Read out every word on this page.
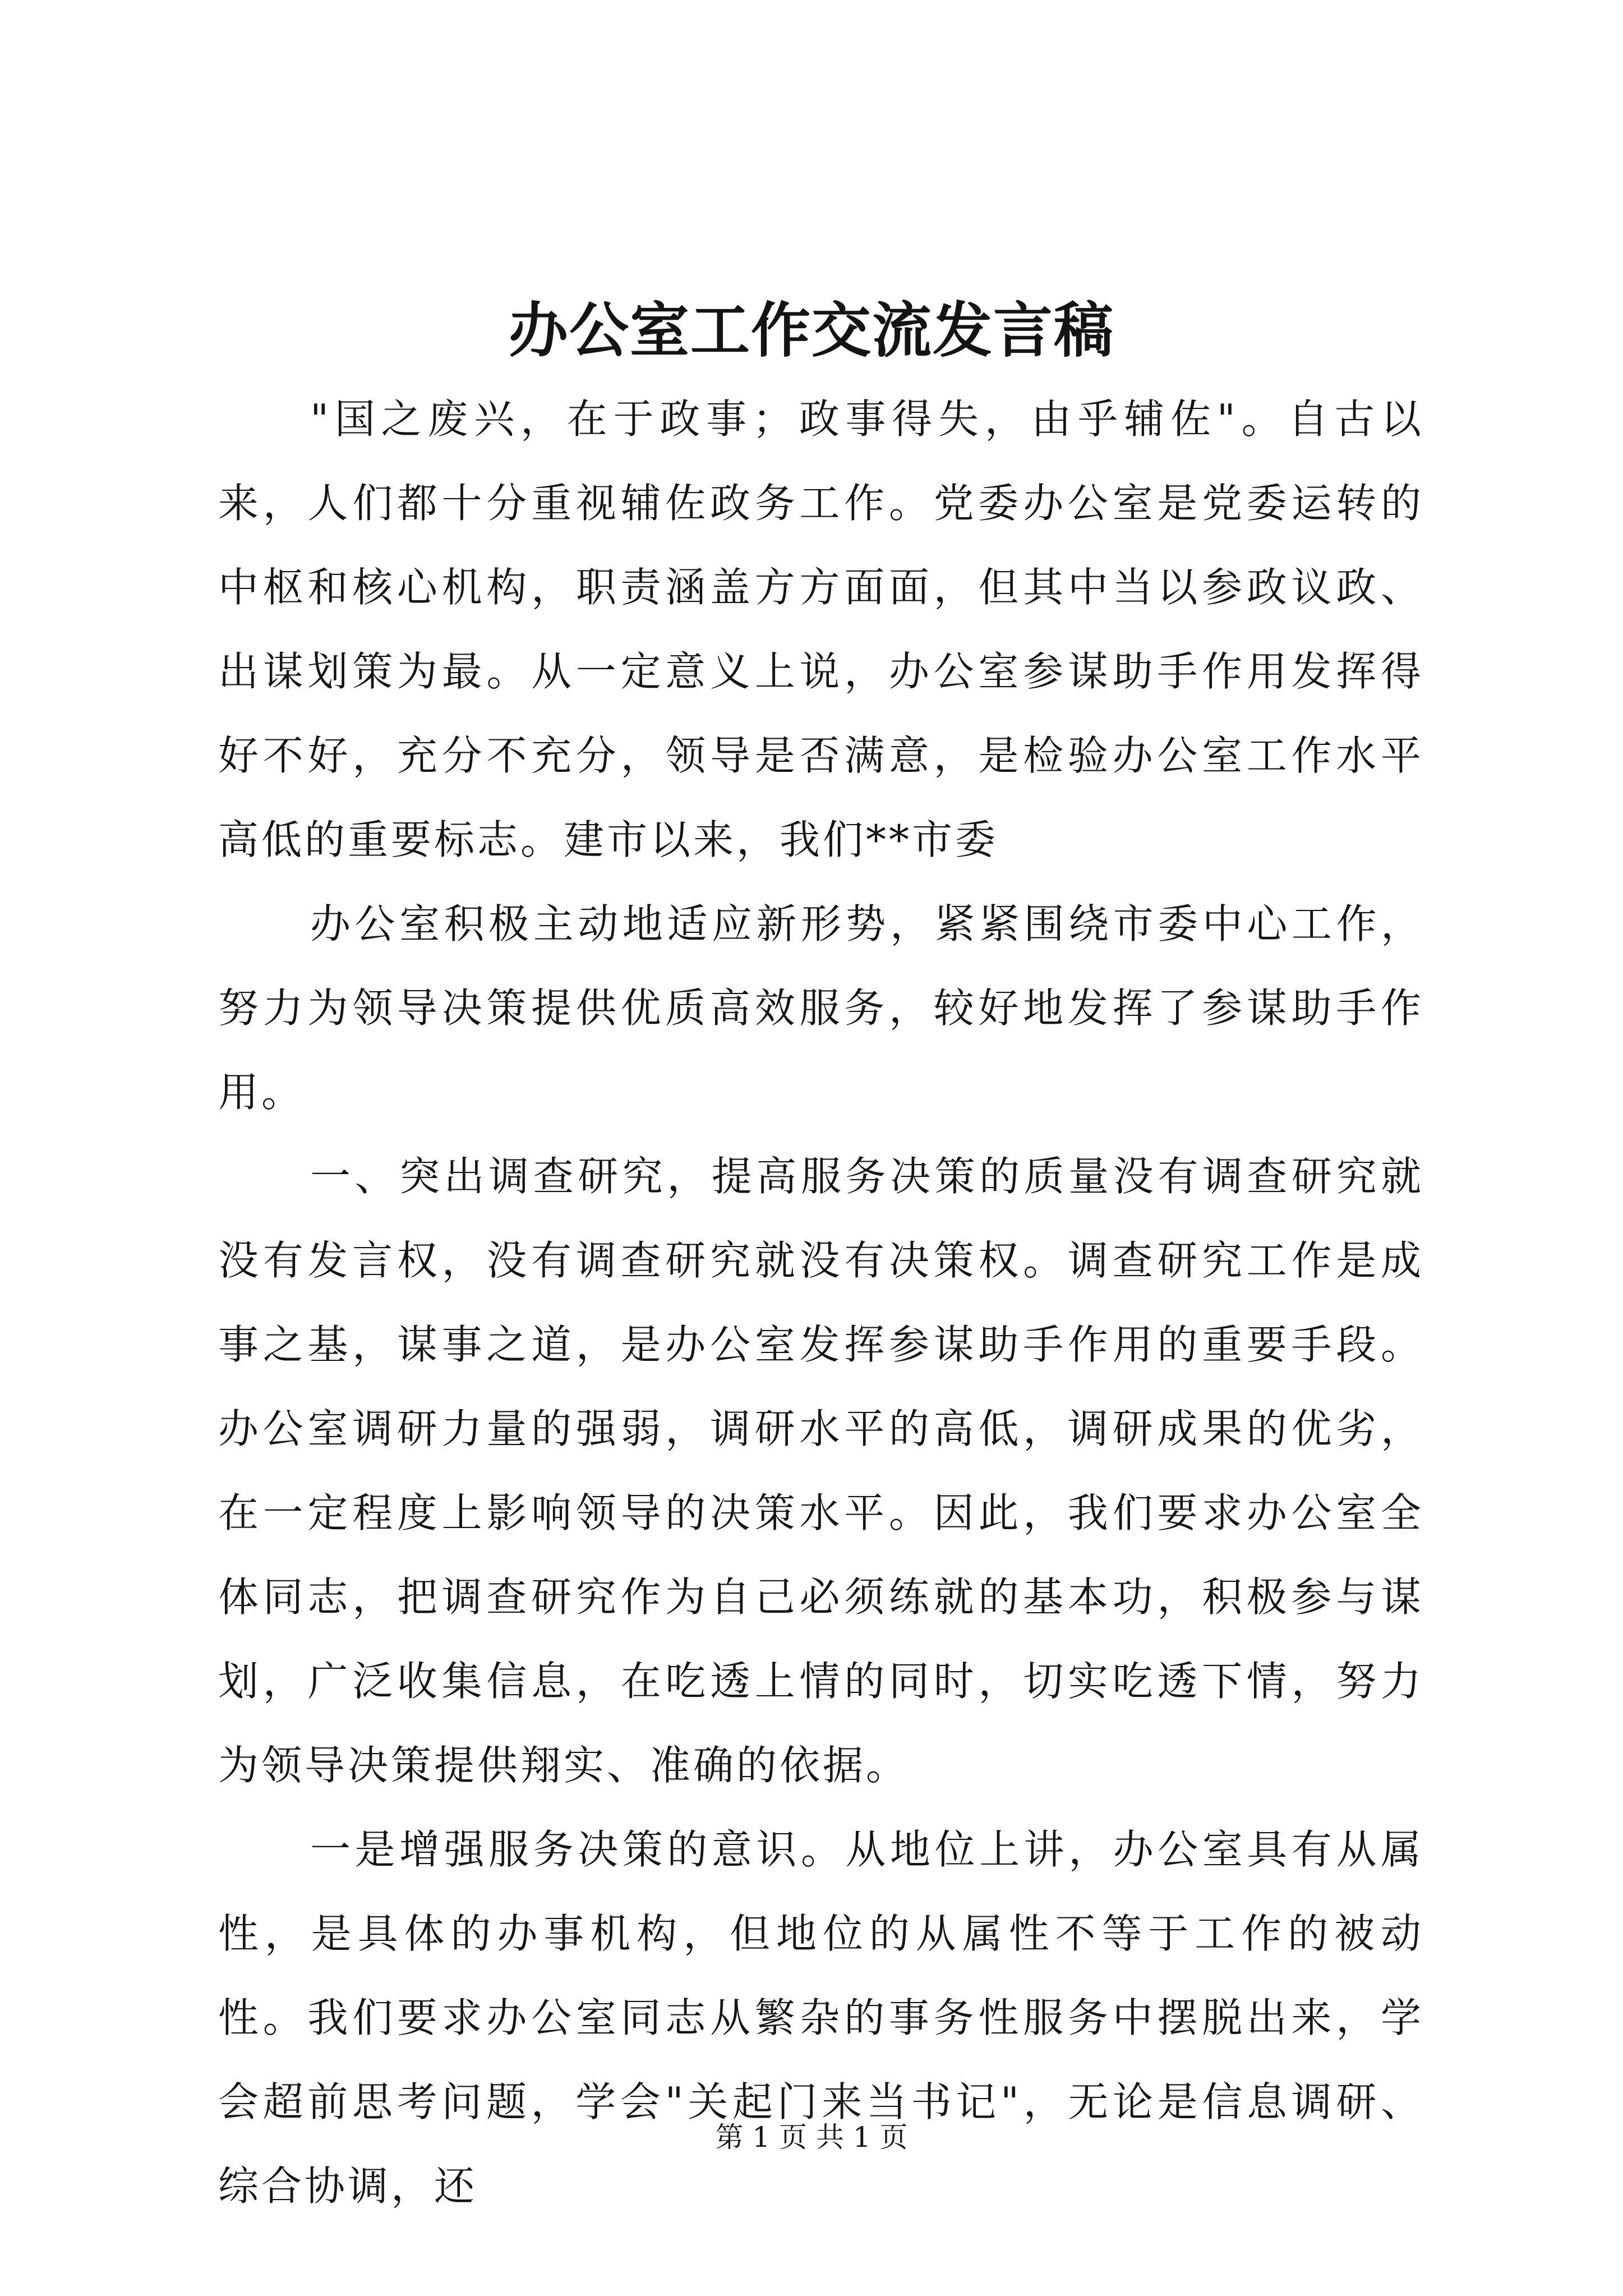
办公室工作交流发言稿

"国之废兴，在于政事；政事得失，由乎辅佐"。自古以来，人们都十分重视辅佐政务工作。党委办公室是党委运转的中枢和核心机构，职责涵盖方方面面，但其中当以参政议政、出谋划策为最。从一定意义上说，办公室参谋助手作用发挥得好不好，充分不充分，领导是否满意，是检验办公室工作水平高低的重要标志。建市以来，我们**市委

办公室积极主动地适应新形势，紧紧围绕市委中心工作，努力为领导决策提供优质高效服务，较好地发挥了参谋助手作用。

一、突出调查研究，提高服务决策的质量没有调查研究就没有发言权，没有调查研究就没有决策权。调查研究工作是成事之基，谋事之道，是办公室发挥参谋助手作用的重要手段。办公室调研力量的强弱，调研水平的高低，调研成果的优劣，在一定程度上影响领导的决策水平。因此，我们要求办公室全体同志，把调查研究作为自己必须练就的基本功，积极参与谋划，广泛收集信息，在吃透上情的同时，切实吃透下情，努力为领导决策提供翔实、准确的依据。

一是增强服务决策的意识。从地位上讲，办公室具有从属性，是具体的办事机构，但地位的从属性不等于工作的被动性。我们要求办公室同志从繁杂的事务性服务中摆脱出来，学会超前思考问题，学会"关起门来当书记"，无论是信息调研、综合协调，还

第 1 页 共 1 页
